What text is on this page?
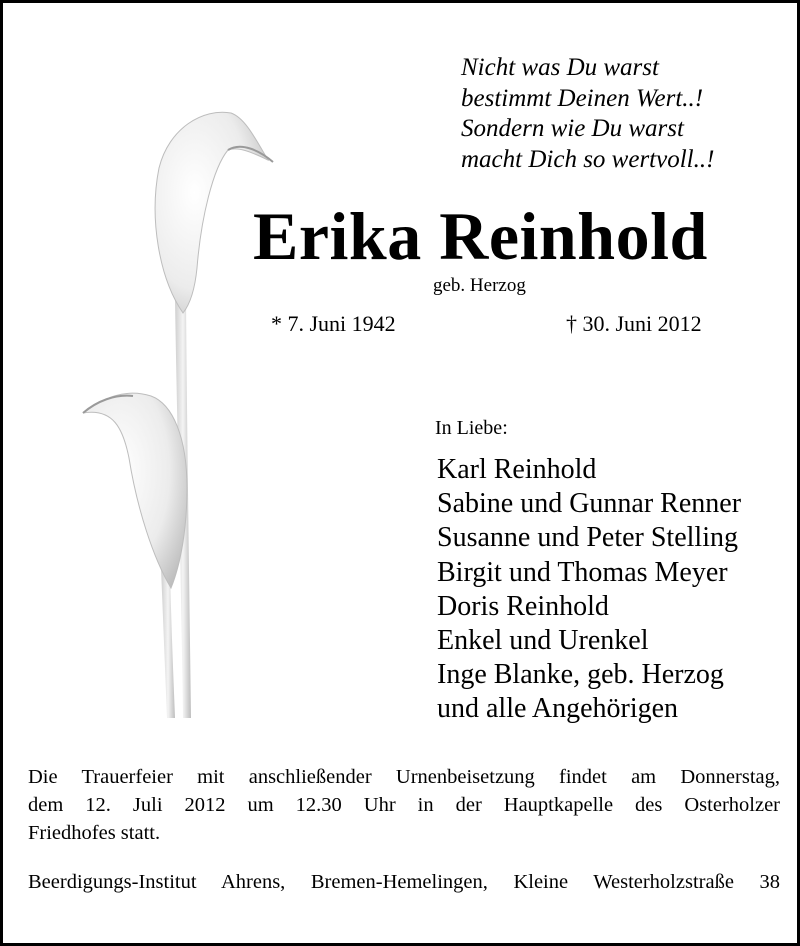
Nicht was Du warst
bestimmt Deinen Wert..!
Sondern wie Du warst
macht Dich so wertvoll..!
Erika Reinhold
geb. Herzog
* 7. Juni 1942	† 30. Juni 2012
In Liebe:
Karl Reinhold
Sabine und Gunnar Renner
Susanne und Peter Stelling
Birgit und Thomas Meyer
Doris Reinhold
Enkel und Urenkel
Inge Blanke, geb. Herzog
und alle Angehörigen
Die Trauerfeier mit anschließender Urnenbeisetzung findet am Donnerstag,
dem 12. Juli 2012 um 12.30 Uhr in der Hauptkapelle des Osterholzer
Friedhofes statt.
Beerdigungs-Institut Ahrens, Bremen-Hemelingen, Kleine Westerholzstraße 38
